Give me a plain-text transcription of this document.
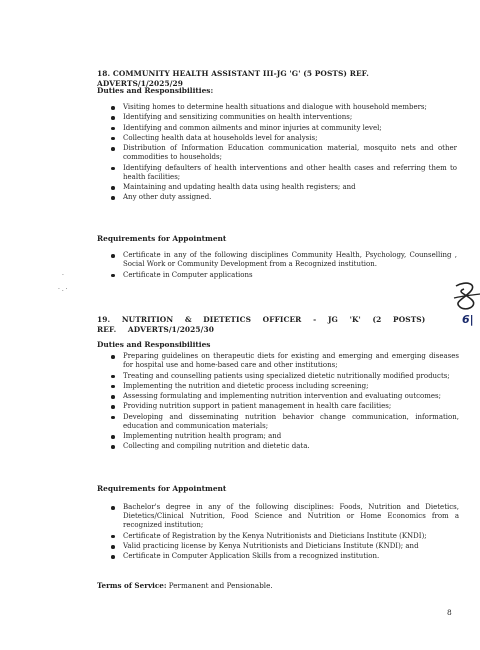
18. COMMUNITY HEALTH ASSISTANT III-JG 'G' (5 POSTS) REF. ADVERTS/1/2025/29
Duties and Responsibilities:
Visiting homes to determine health situations and dialogue with household members;
Identifying and sensitizing communities on health interventions;
Identifying and common ailments and minor injuries at community level;
Collecting health data at households level for analysis;
Distribution of Information Education communication material, mosquito nets and other commodities to households;
Identifying defaulters of health interventions and other health cases and referring them to health facilities;
Maintaining and updating health data using health registers; and
Any other duty assigned.
Requirements for Appointment
Certificate in any of the following disciplines Community Health, Psychology, Counselling , Social Work or Community Development from a Recognized institution.
Certificate in Computer applications
·
· . ·
6|
19. NUTRITION & DIETETICS OFFICER - JG 'K' (2 POSTS) REF. ADVERTS/1/2025/30
Duties and Responsibilities
Preparing guidelines on therapeutic diets for existing and emerging and emerging diseases for hospital use and home-based care and other institutions;
Treating and counselling patients using specialized dietetic nutritionally modified products;
Implementing the nutrition and dietetic process including screening;
Assessing formulating and implementing nutrition intervention and evaluating outcomes;
Providing nutrition support in patient management in health care facilities;
Developing and disseminating nutrition behavior change communication, information, education and communication materials;
Implementing nutrition health program; and
Collecting and compiling nutrition and dietetic data.
Requirements for Appointment
Bachelor's degree in any of the following disciplines: Foods, Nutrition and Dietetics, Dietetics/Clinical Nutrition, Food Science and Nutrition or Home Economics from a recognized institution;
Certificate of Registration by the Kenya Nutritionists and Dieticians Institute (KNDI);
Valid practicing license by Kenya Nutritionists and Dieticians Institute (KNDI); and
Certificate in Computer Application Skills from a recognized institution.
Terms of Service: Permanent and Pensionable.
8
